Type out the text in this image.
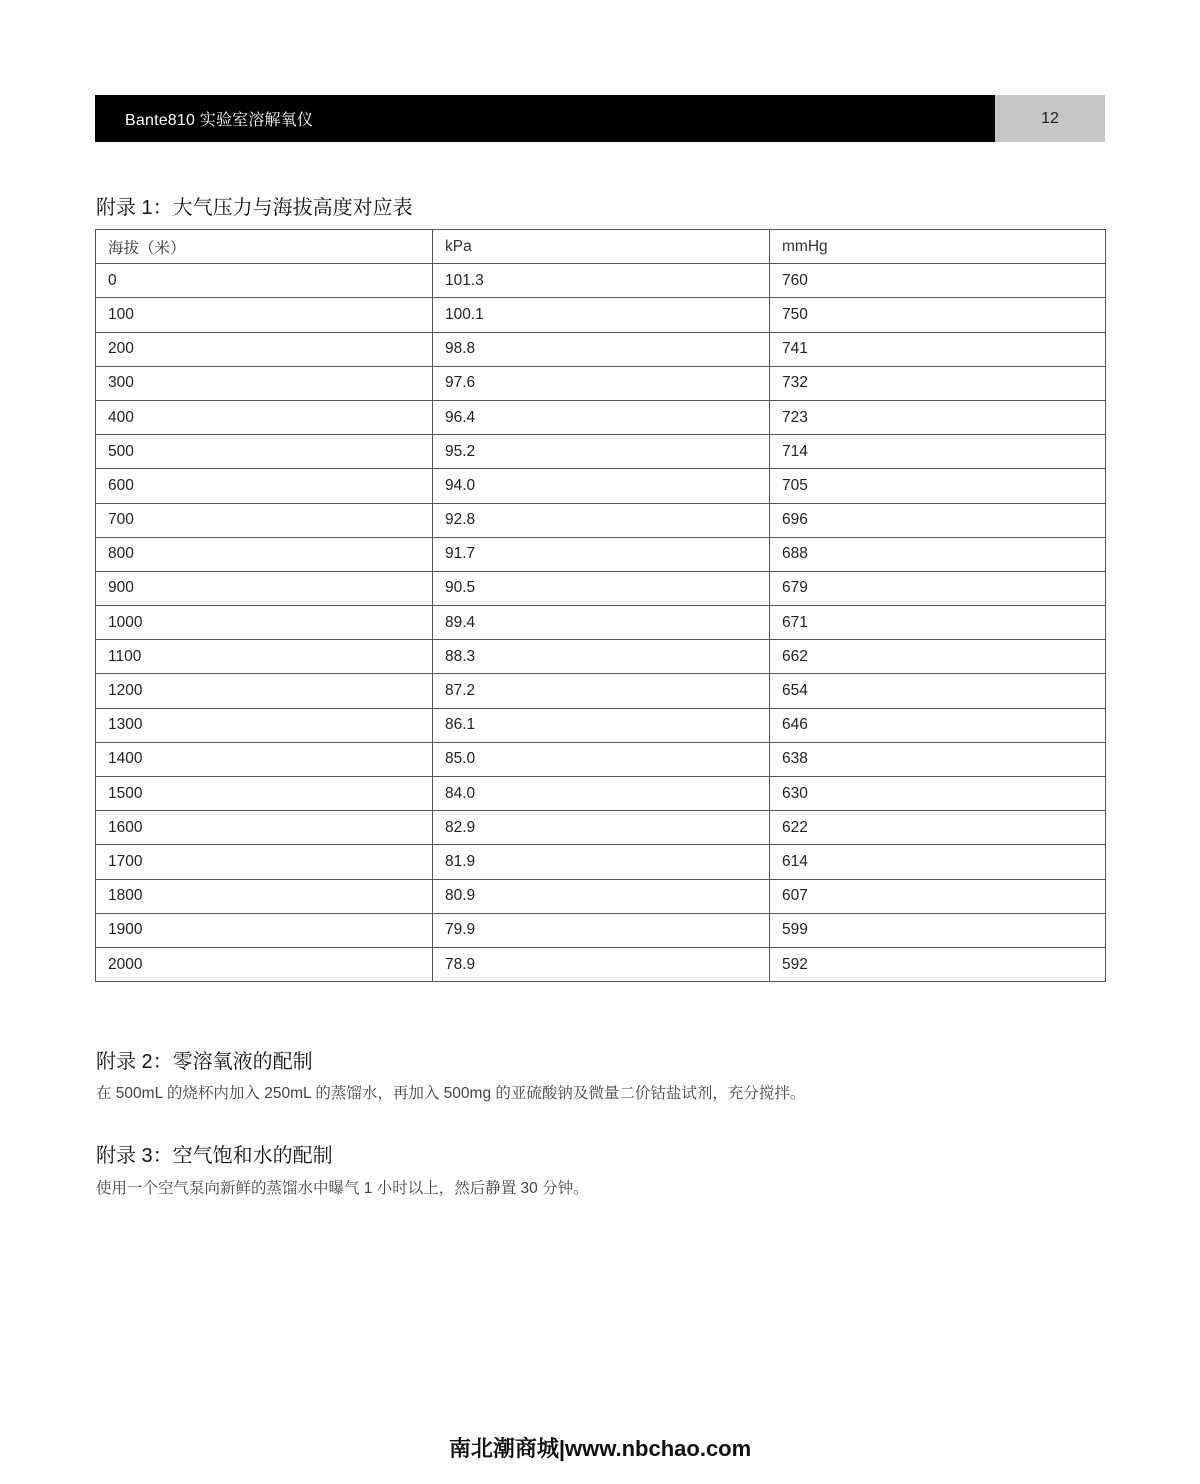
Bante810 实验室溶解氧仪	12
附录 1：大气压力与海拔高度对应表
海拔（米）	kPa	mmHg
0	101.3	760
100	100.1	750
200	98.8	741
300	97.6	732
400	96.4	723
500	95.2	714
600	94.0	705
700	92.8	696
800	91.7	688
900	90.5	679
1000	89.4	671
1100	88.3	662
1200	87.2	654
1300	86.1	646
1400	85.0	638
1500	84.0	630
1600	82.9	622
1700	81.9	614
1800	80.9	607
1900	79.9	599
2000	78.9	592
附录 2：零溶氧液的配制
在 500mL 的烧杯内加入 250mL 的蒸馏水，再加入 500mg 的亚硫酸钠及微量二价钴盐试剂，充分搅拌。
附录 3：空气饱和水的配制
使用一个空气泵向新鲜的蒸馏水中曝气 1 小时以上，然后静置 30 分钟。
南北潮商城|www.nbchao.com
